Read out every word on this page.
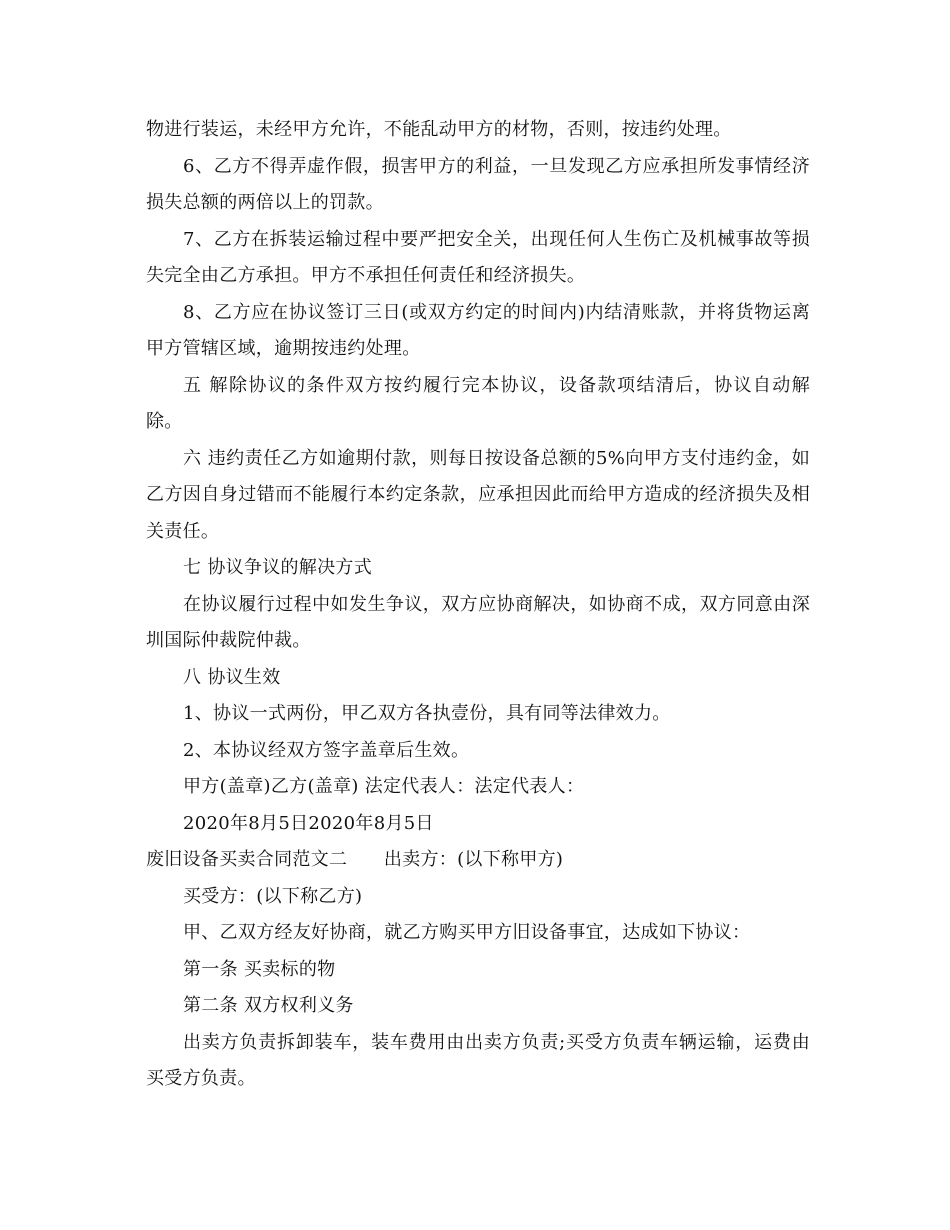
物进行装运，未经甲方允许，不能乱动甲方的材物，否则，按违约处理。

6、乙方不得弄虚作假，损害甲方的利益，一旦发现乙方应承担所发事情经济损失总额的两倍以上的罚款。

7、乙方在拆装运输过程中要严把安全关，出现任何人生伤亡及机械事故等损失完全由乙方承担。甲方不承担任何责任和经济损失。

8、乙方应在协议签订三日(或双方约定的时间内)内结清账款，并将货物运离甲方管辖区域，逾期按违约处理。

五 解除协议的条件双方按约履行完本协议，设备款项结清后，协议自动解除。

六 违约责任乙方如逾期付款，则每日按设备总额的5%向甲方支付违约金，如乙方因自身过错而不能履行本约定条款，应承担因此而给甲方造成的经济损失及相关责任。

七 协议争议的解决方式

在协议履行过程中如发生争议，双方应协商解决，如协商不成，双方同意由深圳国际仲裁院仲裁。

八 协议生效

1、协议一式两份，甲乙双方各执壹份，具有同等法律效力。

2、本协议经双方签字盖章后生效。

甲方(盖章)乙方(盖章) 法定代表人：法定代表人：

2020年8月5日2020年8月5日

废旧设备买卖合同范文二　　出卖方：(以下称甲方)

买受方：(以下称乙方)

甲、乙双方经友好协商，就乙方购买甲方旧设备事宜，达成如下协议：

第一条 买卖标的物

第二条 双方权利义务

出卖方负责拆卸装车，装车费用由出卖方负责;买受方负责车辆运输，运费由买受方负责。
